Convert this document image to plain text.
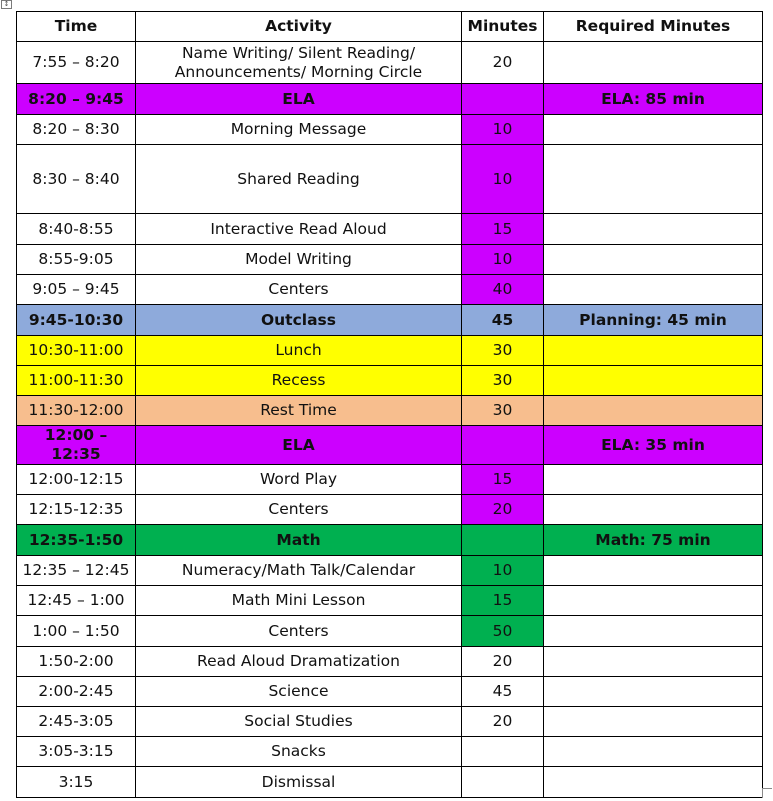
↕
Time	Activity	Minutes	Required Minutes
7:55 – 8:20	Name Writing/ Silent Reading/ Announcements/ Morning Circle	20	
8:20 – 9:45	ELA		ELA: 85 min
8:20 – 8:30	Morning Message	10	
8:30 – 8:40	Shared Reading	10	
8:40-8:55	Interactive Read Aloud	15	
8:55-9:05	Model Writing	10	
9:05 – 9:45	Centers	40	
9:45-10:30	Outclass	45	Planning: 45 min
10:30-11:00	Lunch	30	
11:00-11:30	Recess	30	
11:30-12:00	Rest Time	30	
12:00 – 12:35	ELA		ELA: 35 min
12:00-12:15	Word Play	15	
12:15-12:35	Centers	20	
12:35-1:50	Math		Math: 75 min
12:35 – 12:45	Numeracy/Math Talk/Calendar	10	
12:45 – 1:00	Math Mini Lesson	15	
1:00 – 1:50	Centers	50	
1:50-2:00	Read Aloud Dramatization	20	
2:00-2:45	Science	45	
2:45-3:05	Social Studies	20	
3:05-3:15	Snacks		
3:15	Dismissal		
